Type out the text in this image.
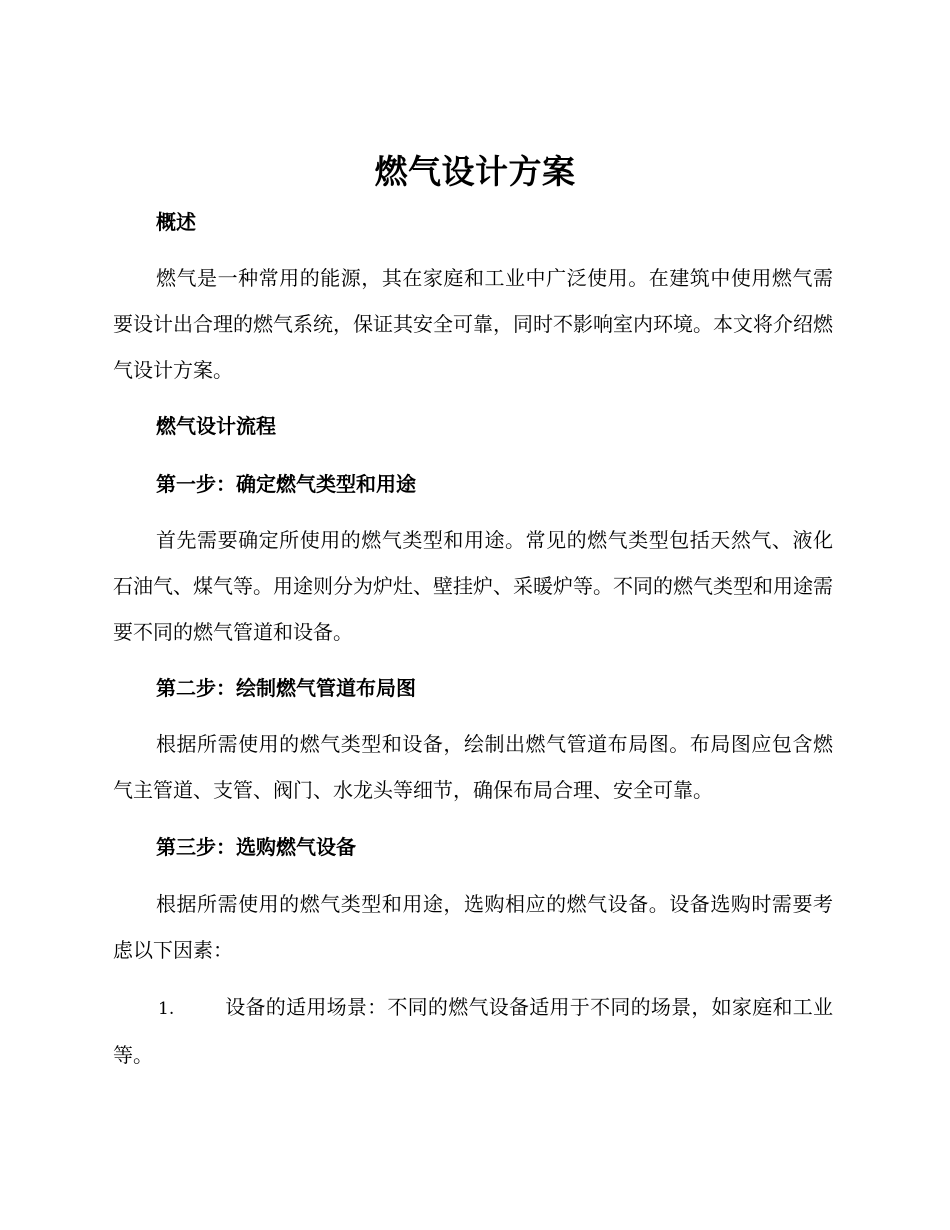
燃气设计方案
概述
燃气是一种常用的能源，其在家庭和工业中广泛使用。在建筑中使用燃气需要设计出合理的燃气系统，保证其安全可靠，同时不影响室内环境。本文将介绍燃气设计方案。
燃气设计流程
第一步：确定燃气类型和用途
首先需要确定所使用的燃气类型和用途。常见的燃气类型包括天然气、液化石油气、煤气等。用途则分为炉灶、壁挂炉、采暖炉等。不同的燃气类型和用途需要不同的燃气管道和设备。
第二步：绘制燃气管道布局图
根据所需使用的燃气类型和设备，绘制出燃气管道布局图。布局图应包含燃气主管道、支管、阀门、水龙头等细节，确保布局合理、安全可靠。
第三步：选购燃气设备
根据所需使用的燃气类型和用途，选购相应的燃气设备。设备选购时需要考虑以下因素：
1.	设备的适用场景：不同的燃气设备适用于不同的场景，如家庭和工业等。
